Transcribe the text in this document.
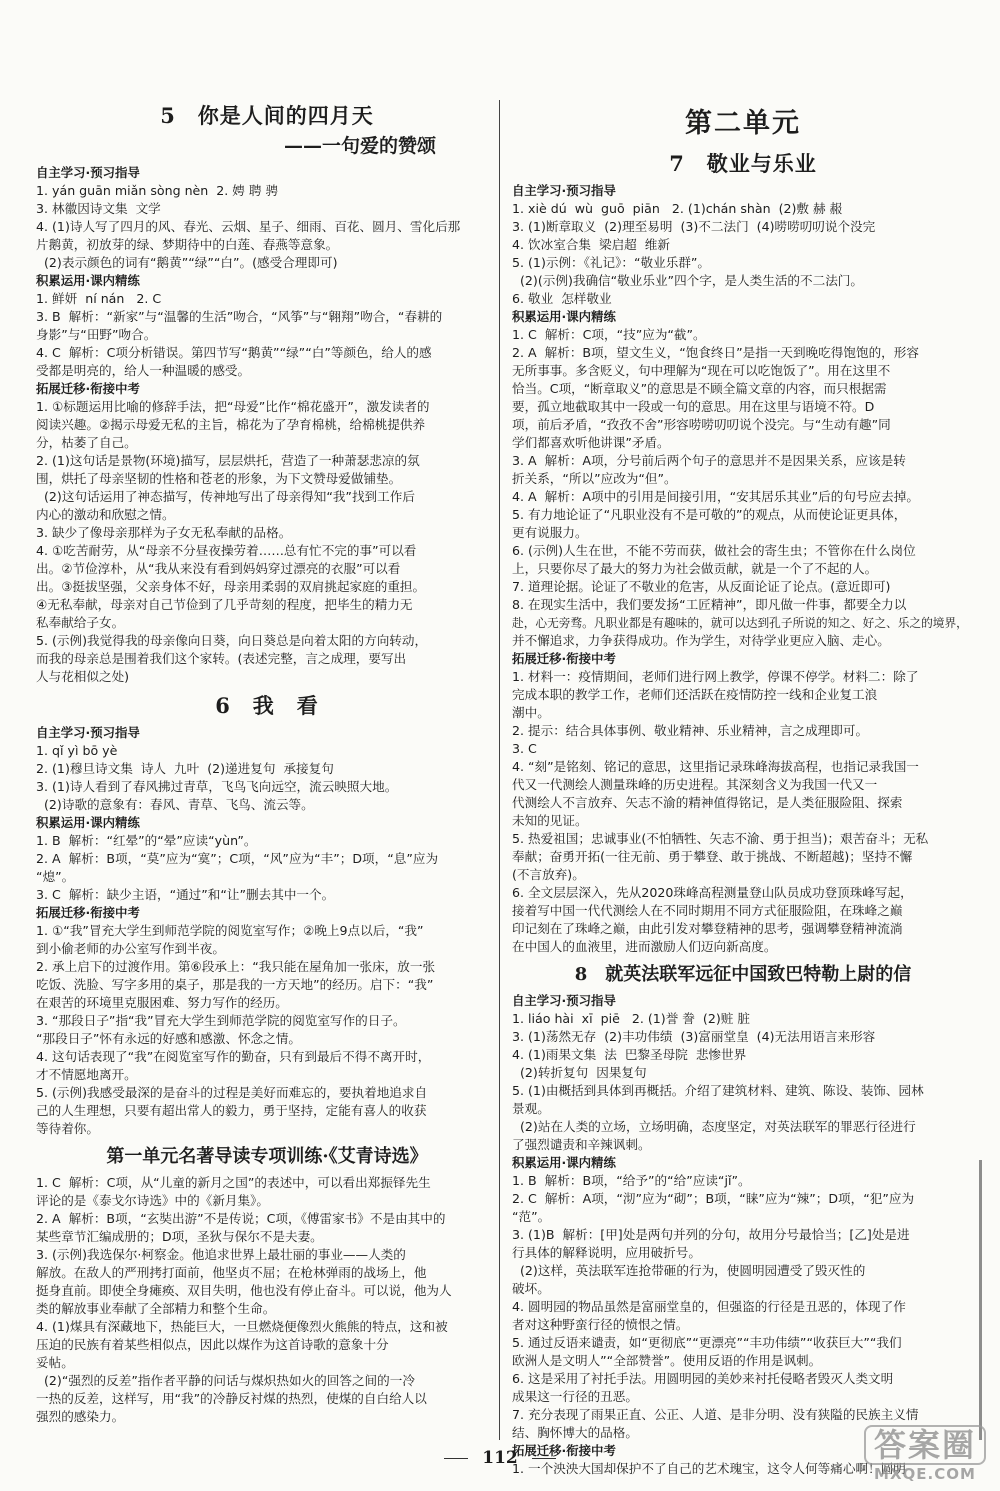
5　你是人间的四月天
——一句爱的赞颂
自主学习·预习指导
1. yán guān miǎn sòng nèn  2. 娉 聘 骋
3. 林徽因诗文集  文学
4. (1)诗人写了四月的风、春光、云烟、星子、细雨、百花、圆月、雪化后那
片鹅黄，初放芽的绿、梦期待中的白莲、春燕等意象。
(2)表示颜色的词有“鹅黄”“绿”“白”。(感受合理即可)
积累运用·课内精练
1. 鲜妍  ní nán   2. C
3. B  解析：“新家”与“温馨的生活”吻合，“风筝”与“翱翔”吻合，“春耕的
身影”与“田野”吻合。
4. C  解析：C项分析错误。第四节写“鹅黄”“绿”“白”等颜色，给人的感
受都是明亮的，给人一种温暖的感受。
拓展迁移·衔接中考
1. ①标题运用比喻的修辞手法，把“母爱”比作“棉花盛开”，激发读者的
阅读兴趣。②揭示母爱无私的主旨，棉花为了孕育棉桃，给棉桃提供养
分，枯萎了自己。
2. (1)这句话是景物(环境)描写，层层烘托，营造了一种萧瑟悲凉的氛
围，烘托了母亲坚韧的性格和苍老的形象，为下文赞母爱做铺垫。
(2)这句话运用了神态描写，传神地写出了母亲得知“我”找到工作后
内心的激动和欣慰之情。
3. 缺少了像母亲那样为子女无私奉献的品格。
4. ①吃苦耐劳，从“母亲不分昼夜操劳着……总有忙不完的事”可以看
出。②节俭淳朴，从“我从来没有看到妈妈穿过漂亮的衣服”可以看
出。③挺拔坚强，父亲身体不好，母亲用柔弱的双肩挑起家庭的重担。
④无私奉献，母亲对自己节俭到了几乎苛刻的程度，把毕生的精力无
私奉献给子女。
5. (示例)我觉得我的母亲像向日葵，向日葵总是向着太阳的方向转动，
而我的母亲总是围着我们这个家转。(表述完整，言之成理，要写出
人与花相似之处)
6　我　看
自主学习·预习指导
1. qǐ yì bō yè
2. (1)穆旦诗文集  诗人  九叶  (2)递进复句  承接复句
3. (1)诗人看到了春风拂过青草，飞鸟飞向远空，流云映照大地。
(2)诗歌的意象有：春风、青草、飞鸟、流云等。
积累运用·课内精练
1. B  解析：“红晕”的“晕”应读“yùn”。
2. A  解析：B项，“莫”应为“寞”；C项，“风”应为“丰”；D项，“息”应为
“熄”。
3. C  解析：缺少主语，“通过”和“让”删去其中一个。
拓展迁移·衔接中考
1. ①“我”冒充大学生到师范学院的阅览室写作；②晚上9点以后，“我”
到小偷老师的办公室写作到半夜。
2. 承上启下的过渡作用。第⑥段承上：“我只能在屋角加一张床，放一张
吃饭、洗脸、写字多用的桌子，那是我的一方天地”的经历。启下：“我”
在艰苦的环境里克服困难、努力写作的经历。
3. “那段日子”指“我”冒充大学生到师范学院的阅览室写作的日子。
“那段日子”怀有永远的好感和感激、怀念之情。
4. 这句话表现了“我”在阅览室写作的勤奋，只有到最后不得不离开时，
才不情愿地离开。
5. (示例)我感受最深的是奋斗的过程是美好而难忘的，要执着地追求自
己的人生理想，只要有超出常人的毅力，勇于坚持，定能有喜人的收获
等待着你。
第一单元名著导读专项训练·《艾青诗选》
1. C  解析：C项，从“儿童的新月之国”的表述中，可以看出郑振铎先生
评论的是《泰戈尔诗选》中的《新月集》。
2. A  解析：B项，“玄奘出游”不是传说；C项，《傅雷家书》不是由其中的
某些章节汇编成册的；D项，圣狄与保尔不是夫妻。
3. (示例)我选保尔·柯察金。他追求世界上最壮丽的事业——人类的
解放。在敌人的严刑拷打面前，他坚贞不屈；在枪林弹雨的战场上，他
挺身直前。即使全身瘫痪、双目失明，他也没有停止奋斗。可以说，他为人
类的解放事业奉献了全部精力和整个生命。
4. (1)煤具有深藏地下，热能巨大，一旦燃烧便像烈火熊熊的特点，这和被
压迫的民族有着某些相似点，因此以煤作为这首诗歌的意象十分
妥帖。
(2)“强烈的反差”指作者平静的问话与煤炽热如火的回答之间的一冷
一热的反差，这样写，用“我”的冷静反衬煤的热烈，使煤的自白给人以
强烈的感染力。
第二单元
7　敬业与乐业
自主学习·预习指导
1. xiè dú  wù  guō  piān   2. (1)chán shàn  (2)敷 赫 赧
3. (1)断章取义  (2)理至易明  (3)不二法门  (4)唠唠叨叨说个没完
4. 饮冰室合集  梁启超  维新
5. (1)示例：《礼记》：“敬业乐群”。
(2)(示例)我确信“敬业乐业”四个字，是人类生活的不二法门。
6. 敬业  怎样敬业
积累运用·课内精练
1. C  解析：C项，“技”应为“截”。
2. A  解析：B项，望文生义，“饱食终日”是指一天到晚吃得饱饱的，形容
无所事事。多含贬义，句中理解为“现在可以吃饱饭了”。用在这里不
恰当。C项，“断章取义”的意思是不顾全篇文章的内容，而只根据需
要，孤立地截取其中一段或一句的意思。用在这里与语境不符。D
项，前后矛盾，“孜孜不舍”形容唠唠叨叨说个没完。与“生动有趣”同
学们都喜欢听他讲课”矛盾。
3. A  解析：A项，分号前后两个句子的意思并不是因果关系，应该是转
折关系，“所以”应改为“但”。
4. A  解析：A项中的引用是间接引用，“安其居乐其业”后的句号应去掉。
5. 有力地论证了“凡职业没有不是可敬的”的观点，从而使论证更具体，
更有说服力。
6. (示例)人生在世，不能不劳而获，做社会的寄生虫；不管你在什么岗位
上，只要你尽了最大的努力为社会做贡献，就是一个了不起的人。
7. 道理论据。论证了不敬业的危害，从反面论证了论点。(意近即可)
8. 在现实生活中，我们要发扬“工匠精神”，即凡做一件事，都要全力以
赴，心无旁骛。凡职业都是有趣味的，就可以达到孔子所说的知之、好之、乐之的境界，
并不懈追求，力争获得成功。作为学生，对待学业更应入脑、走心。
拓展迁移·衔接中考
1. 材料一：疫情期间，老师们进行网上教学，停课不停学。材料二：除了
完成本职的教学工作，老师们还活跃在疫情防控一线和企业复工浪
潮中。
2. 提示：结合具体事例、敬业精神、乐业精神，言之成理即可。
3. C
4. “刻”是铭刻、铭记的意思，这里指记录珠峰海拔高程，也指记录我国一
代又一代测绘人测量珠峰的历史进程。其深刻含义为我国一代又一
代测绘人不言放弃、矢志不渝的精神值得铭记，是人类征服险阻、探索
未知的见证。
5. 热爱祖国；忠诚事业(不怕牺牲、矢志不渝、勇于担当)；艰苦奋斗；无私
奉献；奋勇开拓(一往无前、勇于攀登、敢于挑战、不断超越)；坚持不懈
(不言放弃)。
6. 全文层层深入，先从2020珠峰高程测量登山队员成功登顶珠峰写起，
接着写中国一代代测绘人在不同时期用不同方式征服险阻，在珠峰之巅
印记刻在了珠峰之巅，由此引发对攀登精神的思考，强调攀登精神流淌
在中国人的血液里，进而激励人们迈向新高度。
8　就英法联军远征中国致巴特勒上尉的信
自主学习·预习指导
1. liáo hài  xī  piē   2. (1)誉 誊  (2)赃 脏
3. (1)荡然无存  (2)丰功伟绩  (3)富丽堂皇  (4)无法用语言来形容
4. (1)雨果文集  法  巴黎圣母院  悲惨世界
(2)转折复句  因果复句
5. (1)由概括到具体到再概括。介绍了建筑材料、建筑、陈设、装饰、园林
景观。
(2)站在人类的立场，立场明确，态度坚定，对英法联军的罪恶行径进行
了强烈谴责和辛辣讽刺。
积累运用·课内精练
1. B  解析：B项，“给予”的“给”应读“jǐ”。
2. C  解析：A项，“沏”应为“砌”；B项，“睐”应为“辣”；D项，“犯”应为
“范”。
3. (1)B  解析：[甲]处是两句并列的分句，故用分号最恰当；[乙]处是进
行具体的解释说明，应用破折号。
(2)这样，英法联军连抢带砸的行为，使圆明园遭受了毁灭性的
破坏。
4. 圆明园的物品虽然是富丽堂皇的，但强盗的行径是丑恶的，体现了作
者对这种野蛮行径的愤恨之情。
5. 通过反语来谴责，如“更彻底”“更漂亮”“丰功伟绩”“收获巨大”“我们
欧洲人是文明人”“全部赞誉”。使用反语的作用是讽刺。
6. 这是采用了衬托手法。用圆明园的美妙来衬托侵略者毁灭人类文明
成果这一行径的丑恶。
7. 充分表现了雨果正直、公正、人道、是非分明、没有狭隘的民族主义情
结、胸怀博大的品格。
拓展迁移·衔接中考
1. 一个泱泱大国却保护不了自己的艺术瑰宝，这令人何等痛心啊！圆明
112	答案圈
MXQE.COM
